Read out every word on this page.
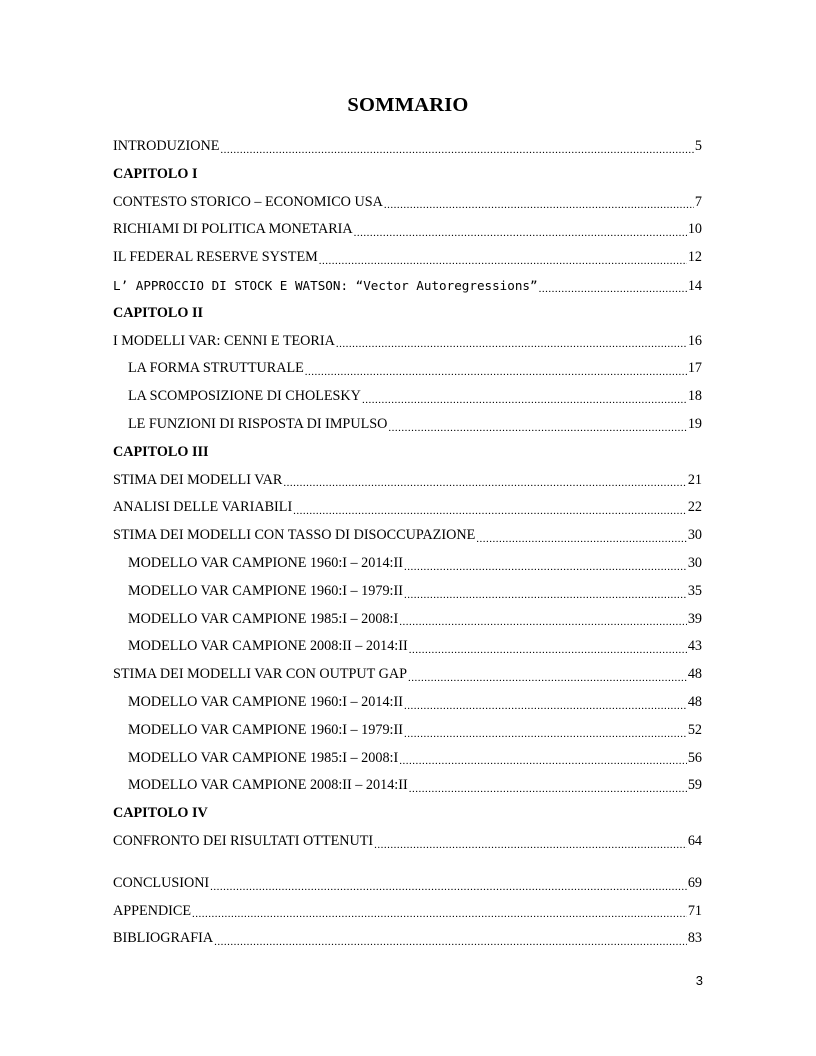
SOMMARIO
INTRODUZIONE .....	5
CAPITOLO I
CONTESTO STORICO – ECONOMICO USA .....	7
RICHIAMI DI POLITICA MONETARIA .....	10
IL FEDERAL RESERVE SYSTEM .....	12
L’ APPROCCIO DI STOCK E WATSON: “Vector Autoregressions” .....	14
CAPITOLO II
I MODELLI VAR: CENNI E TEORIA .....	16
LA FORMA STRUTTURALE .....	17
LA SCOMPOSIZIONE DI CHOLESKY .....	18
LE FUNZIONI DI RISPOSTA DI IMPULSO .....	19
CAPITOLO III
STIMA DEI MODELLI VAR .....	21
ANALISI DELLE VARIABILI .....	22
STIMA DEI MODELLI CON TASSO DI DISOCCUPAZIONE .....	30
MODELLO VAR CAMPIONE 1960:I – 2014:II .....	30
MODELLO VAR CAMPIONE 1960:I – 1979:II .....	35
MODELLO VAR CAMPIONE 1985:I – 2008:I .....	39
MODELLO VAR CAMPIONE 2008:II – 2014:II .....	43
STIMA DEI MODELLI VAR CON OUTPUT GAP .....	48
MODELLO VAR CAMPIONE 1960:I – 2014:II .....	48
MODELLO VAR CAMPIONE 1960:I – 1979:II .....	52
MODELLO VAR CAMPIONE 1985:I – 2008:I .....	56
MODELLO VAR CAMPIONE 2008:II – 2014:II .....	59
CAPITOLO IV
CONFRONTO DEI RISULTATI OTTENUTI .....	64
CONCLUSIONI .....	69
APPENDICE .....	71
BIBLIOGRAFIA .....	83
3
